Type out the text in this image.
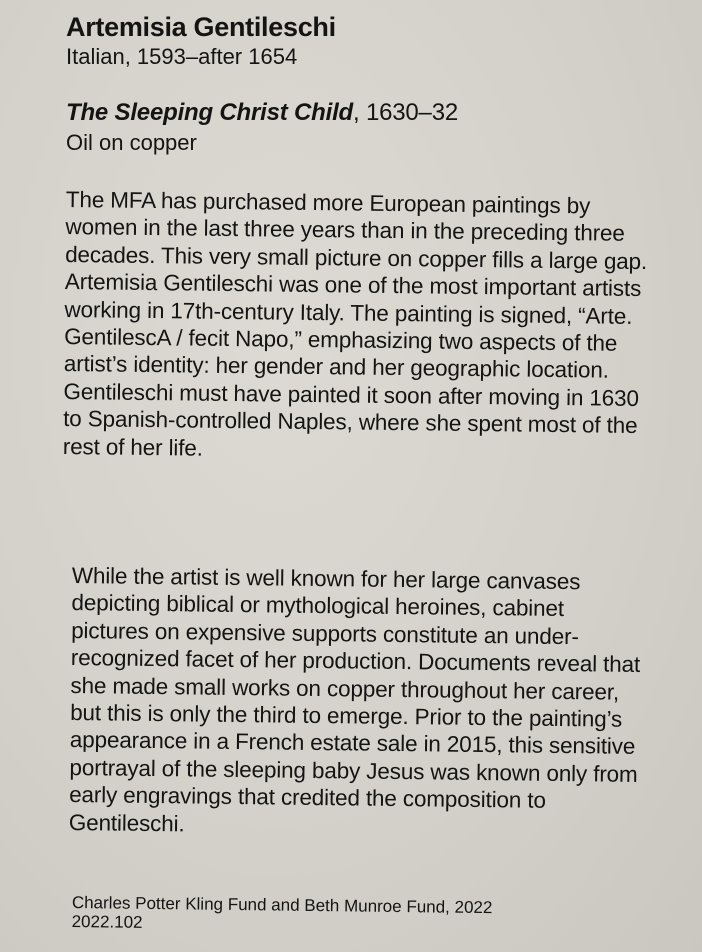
Artemisia Gentileschi
Italian, 1593–after 1654
The Sleeping Christ Child, 1630–32
Oil on copper
The MFA has purchased more European paintings by women in the last three years than in the preceding three decades. This very small picture on copper fills a large gap. Artemisia Gentileschi was one of the most important artists working in 17th-century Italy. The painting is signed, “Arte. GentilescA / fecit Napo,” emphasizing two aspects of the artist’s identity: her gender and her geographic location. Gentileschi must have painted it soon after moving in 1630 to Spanish-controlled Naples, where she spent most of the rest of her life.
While the artist is well known for her large canvases depicting biblical or mythological heroines, cabinet pictures on expensive supports constitute an under-recognized facet of her production. Documents reveal that she made small works on copper throughout her career, but this is only the third to emerge. Prior to the painting’s appearance in a French estate sale in 2015, this sensitive portrayal of the sleeping baby Jesus was known only from early engravings that credited the composition to Gentileschi.
Charles Potter Kling Fund and Beth Munroe Fund, 2022
2022.102
